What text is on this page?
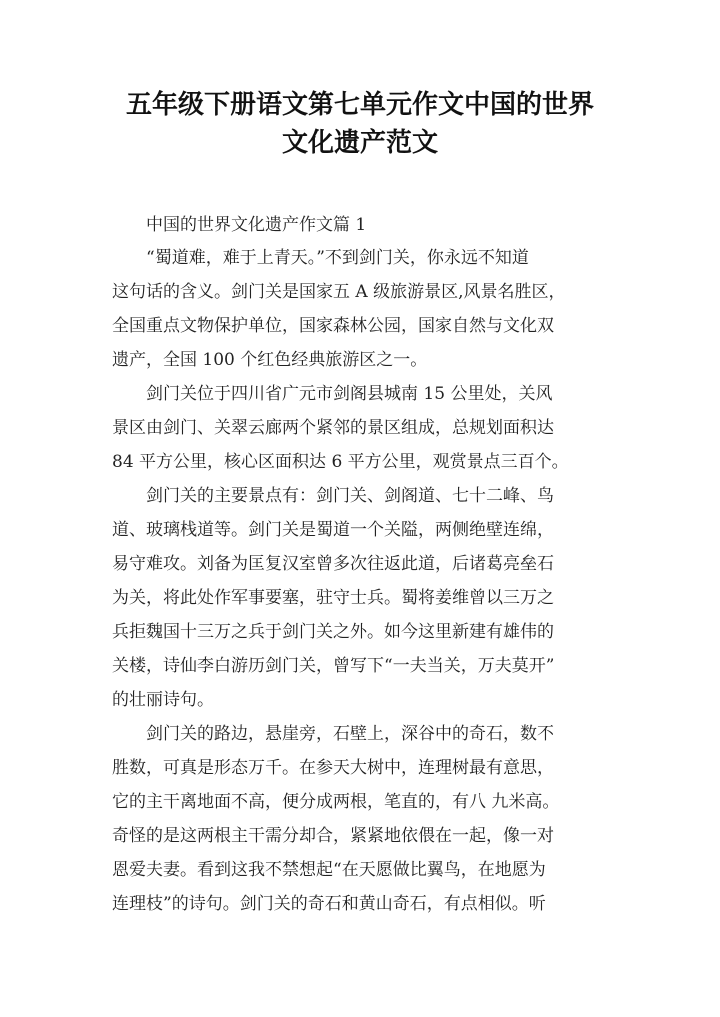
五年级下册语文第七单元作文中国的世界
文化遗产范文
中国的世界文化遗产作文篇 1
“蜀道难，难于上青天。”不到剑门关，你永远不知道
这句话的含义。剑门关是国家五 A 级旅游景区,风景名胜区，
全国重点文物保护单位，国家森林公园，国家自然与文化双
遗产，全国 100 个红色经典旅游区之一。
剑门关位于四川省广元市剑阁县城南 15 公里处，关风
景区由剑门、关翠云廊两个紧邻的景区组成，总规划面积达
84 平方公里，核心区面积达 6 平方公里，观赏景点三百个。
剑门关的主要景点有：剑门关、剑阁道、七十二峰、鸟
道、玻璃栈道等。剑门关是蜀道一个关隘，两侧绝壁连绵，
易守难攻。刘备为匡复汉室曾多次往返此道，后诸葛亮垒石
为关，将此处作军事要塞，驻守士兵。蜀将姜维曾以三万之
兵拒魏国十三万之兵于剑门关之外。如今这里新建有雄伟的
关楼，诗仙李白游历剑门关，曾写下“一夫当关，万夫莫开”
的壮丽诗句。
剑门关的路边，悬崖旁，石壁上，深谷中的奇石，数不
胜数，可真是形态万千。在参天大树中，连理树最有意思，
它的主干离地面不高，便分成两根，笔直的，有八 九米高。
奇怪的是这两根主干需分却合，紧紧地依偎在一起，像一对
恩爱夫妻。看到这我不禁想起“在天愿做比翼鸟，在地愿为
连理枝”的诗句。剑门关的奇石和黄山奇石，有点相似。听
